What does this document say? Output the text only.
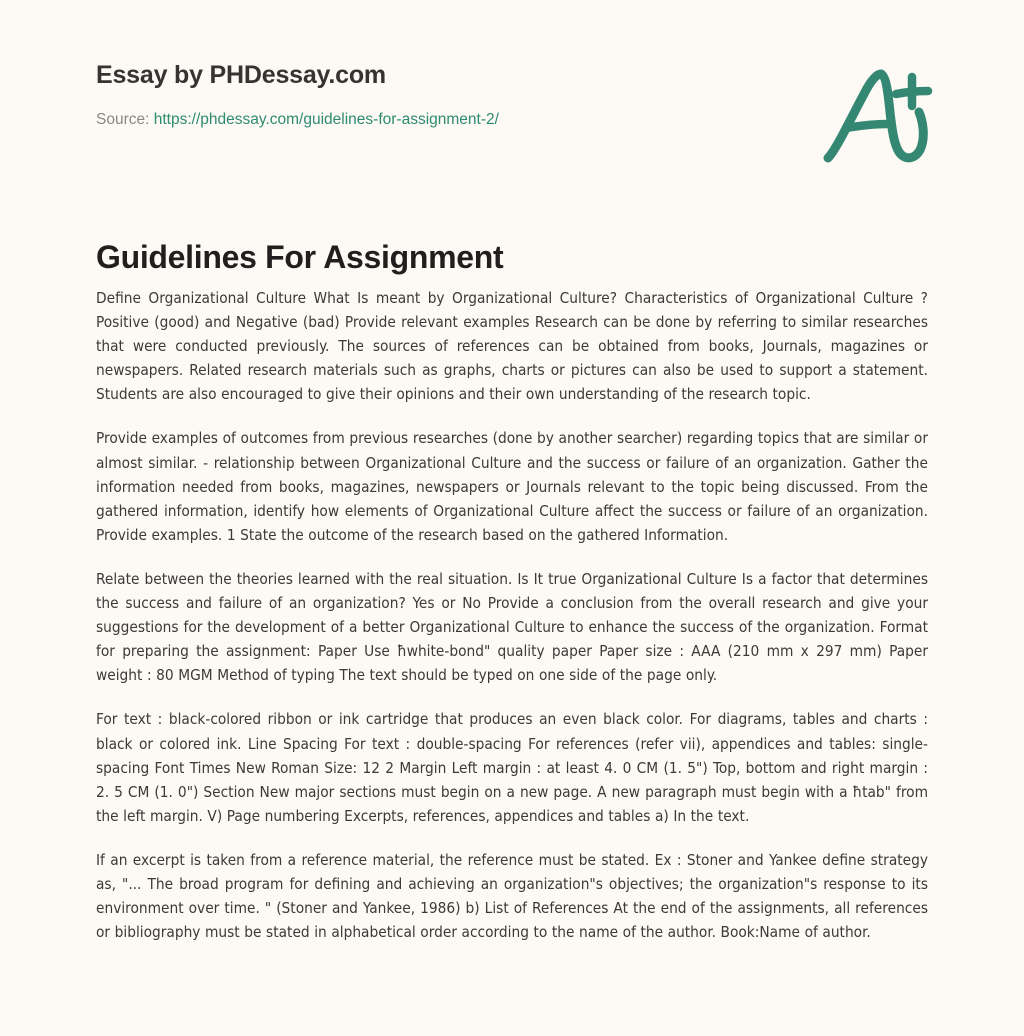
Essay by PHDessay.com
Source: https://phdessay.com/guidelines-for-assignment-2/
Guidelines For Assignment

Define Organizational Culture What Is meant by Organizational Culture? Characteristics of Organizational Culture ? Positive (good) and Negative (bad) Provide relevant examples Research can be done by referring to similar researches that were conducted previously. The sources of references can be obtained from books, Journals, magazines or newspapers. Related research materials such as graphs, charts or pictures can also be used to support a statement. Students are also encouraged to give their opinions and their own understanding of the research topic.

Provide examples of outcomes from previous researches (done by another searcher) regarding topics that are similar or almost similar. - relationship between Organizational Culture and the success or failure of an organization. Gather the information needed from books, magazines, newspapers or Journals relevant to the topic being discussed. From the gathered information, identify how elements of Organizational Culture affect the success or failure of an organization. Provide examples. 1 State the outcome of the research based on the gathered Information.

Relate between the theories learned with the real situation. Is It true Organizational Culture Is a factor that determines the success and failure of an organization? Yes or No Provide a conclusion from the overall research and give your suggestions for the development of a better Organizational Culture to enhance the success of the organization. Format for preparing the assignment: Paper Use ħwhite-bond" quality paper Paper size : AAA (210 mm x 297 mm) Paper weight : 80 MGM Method of typing The text should be typed on one side of the page only.

For text : black-colored ribbon or ink cartridge that produces an even black color. For diagrams, tables and charts : black or colored ink. Line Spacing For text : double-spacing For references (refer vii), appendices and tables: single-spacing Font Times New Roman Size: 12 2 Margin Left margin : at least 4. 0 CM (1. 5") Top, bottom and right margin : 2. 5 CM (1. 0") Section New major sections must begin on a new page. A new paragraph must begin with a ħtab" from the left margin. V) Page numbering Excerpts, references, appendices and tables a) In the text.

If an excerpt is taken from a reference material, the reference must be stated. Ex : Stoner and Yankee define strategy as, "... The broad program for defining and achieving an organization"s objectives; the organization"s response to its environment over time. " (Stoner and Yankee, 1986) b) List of References At the end of the assignments, all references or bibliography must be stated in alphabetical order according to the name of the author. Book:Name of author.
